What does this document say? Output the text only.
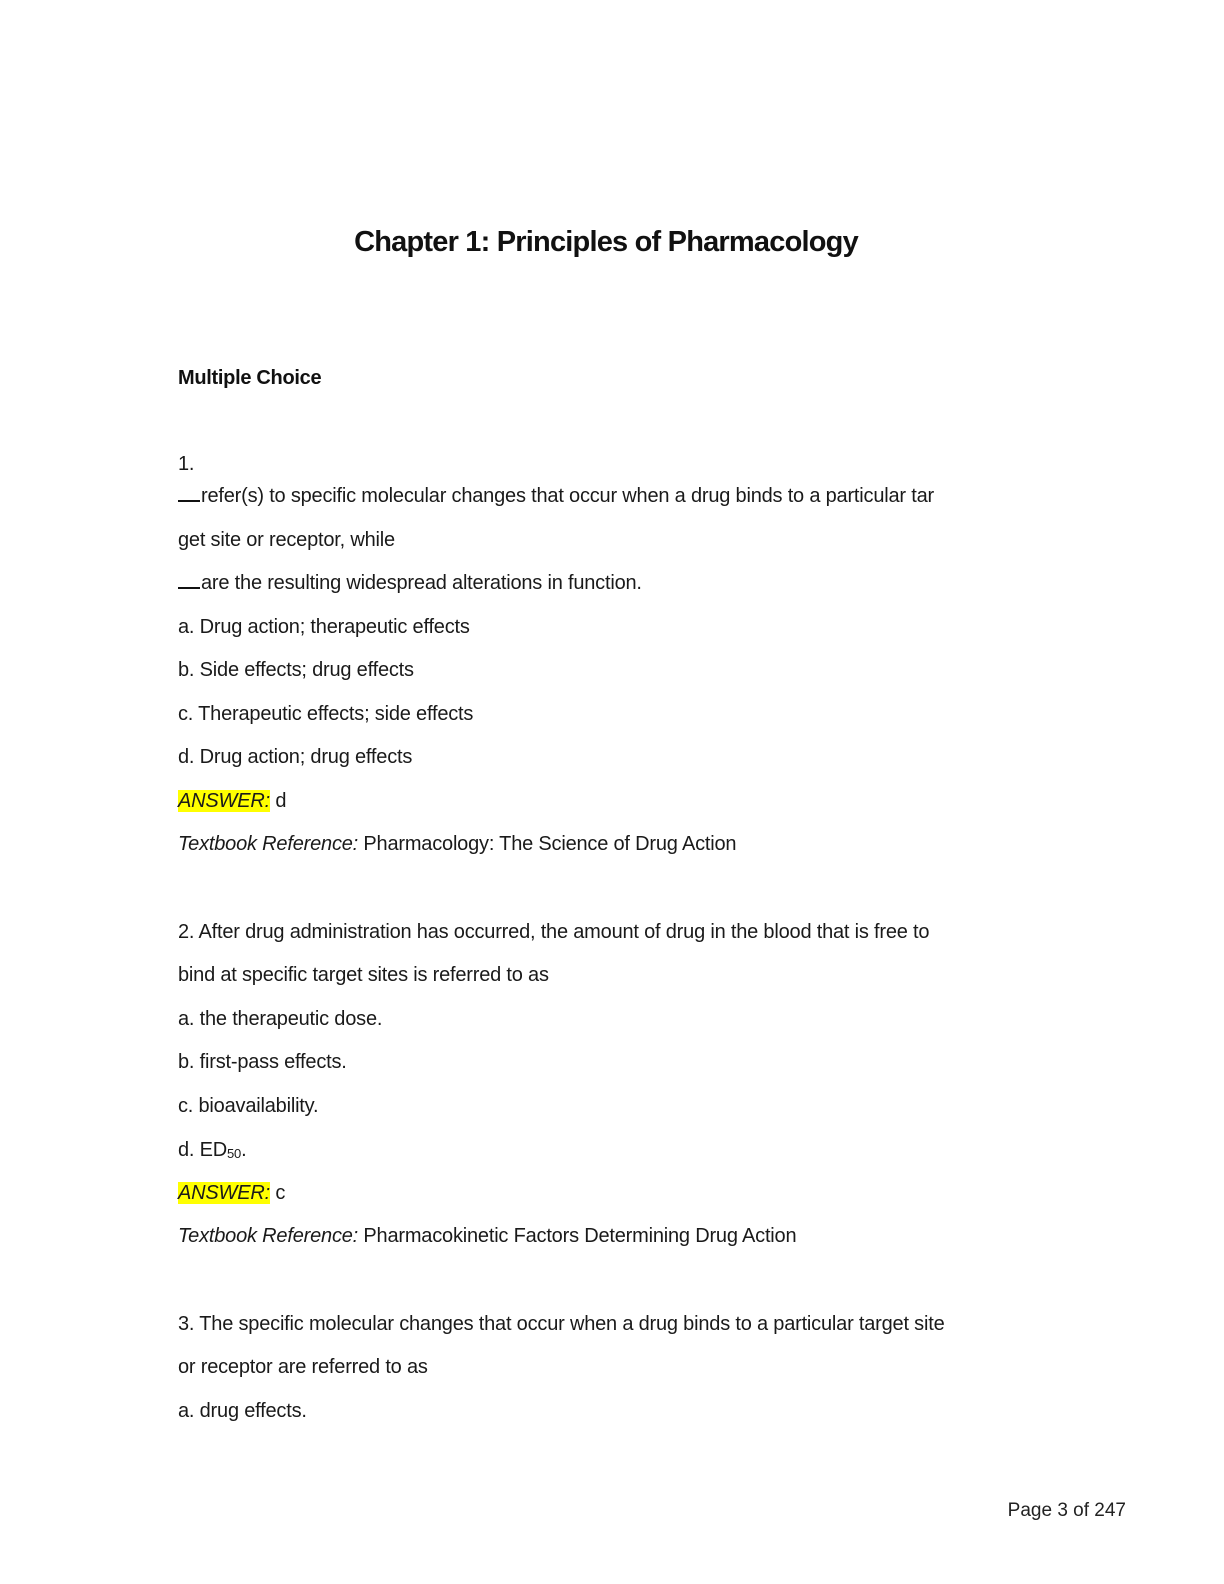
Chapter 1: Principles of Pharmacology
Multiple Choice
1.
refer(s) to specific molecular changes that occur when a drug binds to a particular tar
get site or receptor, while
are the resulting widespread alterations in function.
a. Drug action; therapeutic effects
b. Side effects; drug effects
c. Therapeutic effects; side effects
d. Drug action; drug effects
ANSWER: d
Textbook Reference: Pharmacology: The Science of Drug Action
2. After drug administration has occurred, the amount of drug in the blood that is free to
bind at specific target sites is referred to as
a. the therapeutic dose.
b. first-pass effects.
c. bioavailability.
d. $ED_{50}$.
ANSWER: c
Textbook Reference: Pharmacokinetic Factors Determining Drug Action
3. The specific molecular changes that occur when a drug binds to a particular target site
or receptor are referred to as
a. drug effects.
Page 3 of 247
